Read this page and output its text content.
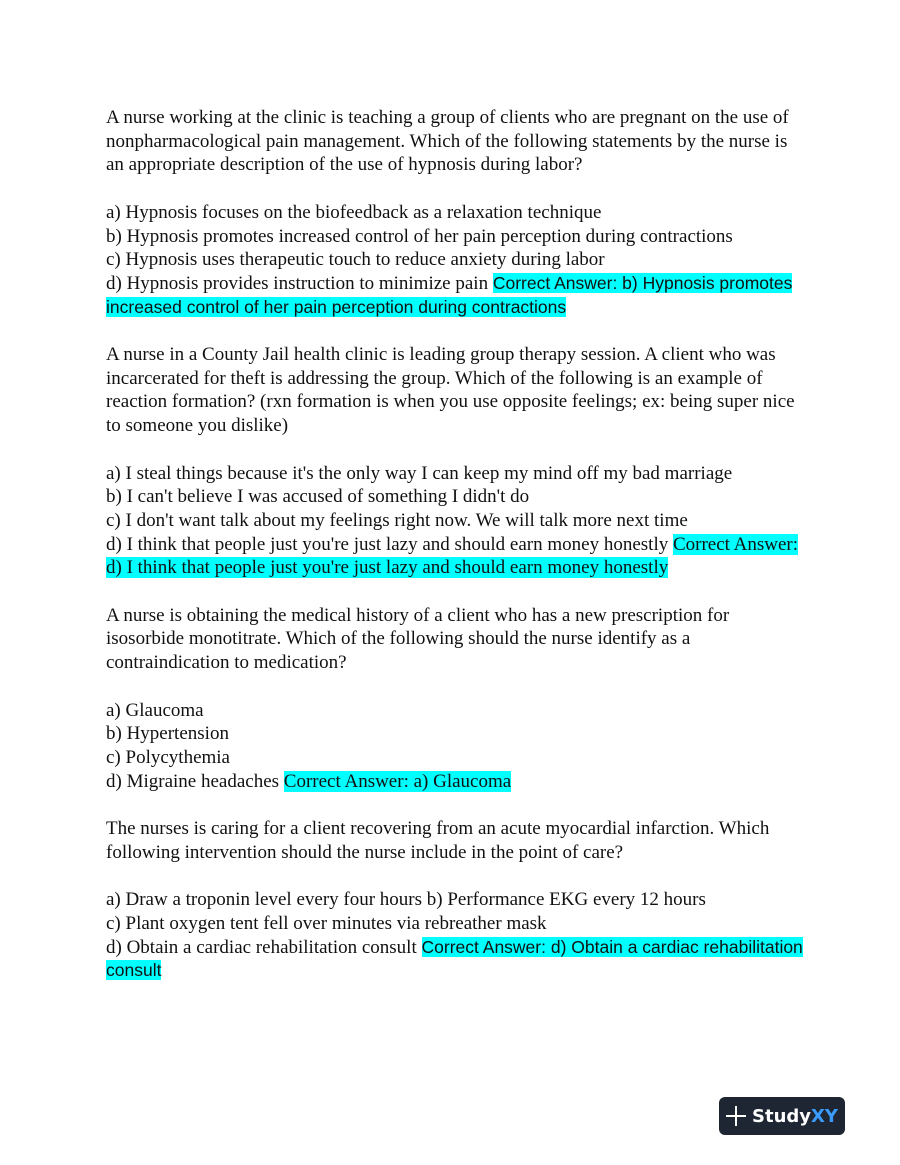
A nurse working at the clinic is teaching a group of clients who are pregnant on the use of nonpharmacological pain management. Which of the following statements by the nurse is an appropriate description of the use of hypnosis during labor?
a) Hypnosis focuses on the biofeedback as a relaxation technique
b) Hypnosis promotes increased control of her pain perception during contractions
c) Hypnosis uses therapeutic touch to reduce anxiety during labor
d) Hypnosis provides instruction to minimize pain Correct Answer: b) Hypnosis promotes increased control of her pain perception during contractions
A nurse in a County Jail health clinic is leading group therapy session. A client who was incarcerated for theft is addressing the group. Which of the following is an example of reaction formation? (rxn formation is when you use opposite feelings; ex: being super nice to someone you dislike)
a) I steal things because it's the only way I can keep my mind off my bad marriage
b) I can't believe I was accused of something I didn't do
c) I don't want talk about my feelings right now. We will talk more next time
d) I think that people just you're just lazy and should earn money honestly Correct Answer: d) I think that people just you're just lazy and should earn money honestly
A nurse is obtaining the medical history of a client who has a new prescription for isosorbide monotitrate. Which of the following should the nurse identify as a contraindication to medication?
a) Glaucoma
b) Hypertension
c) Polycythemia
d) Migraine headaches Correct Answer: a) Glaucoma
The nurses is caring for a client recovering from an acute myocardial infarction. Which following intervention should the nurse include in the point of care?
a) Draw a troponin level every four hours b) Performance EKG every 12 hours
c) Plant oxygen tent fell over minutes via rebreather mask
d) Obtain a cardiac rehabilitation consult Correct Answer: d) Obtain a cardiac rehabilitation consult
StudyXY
